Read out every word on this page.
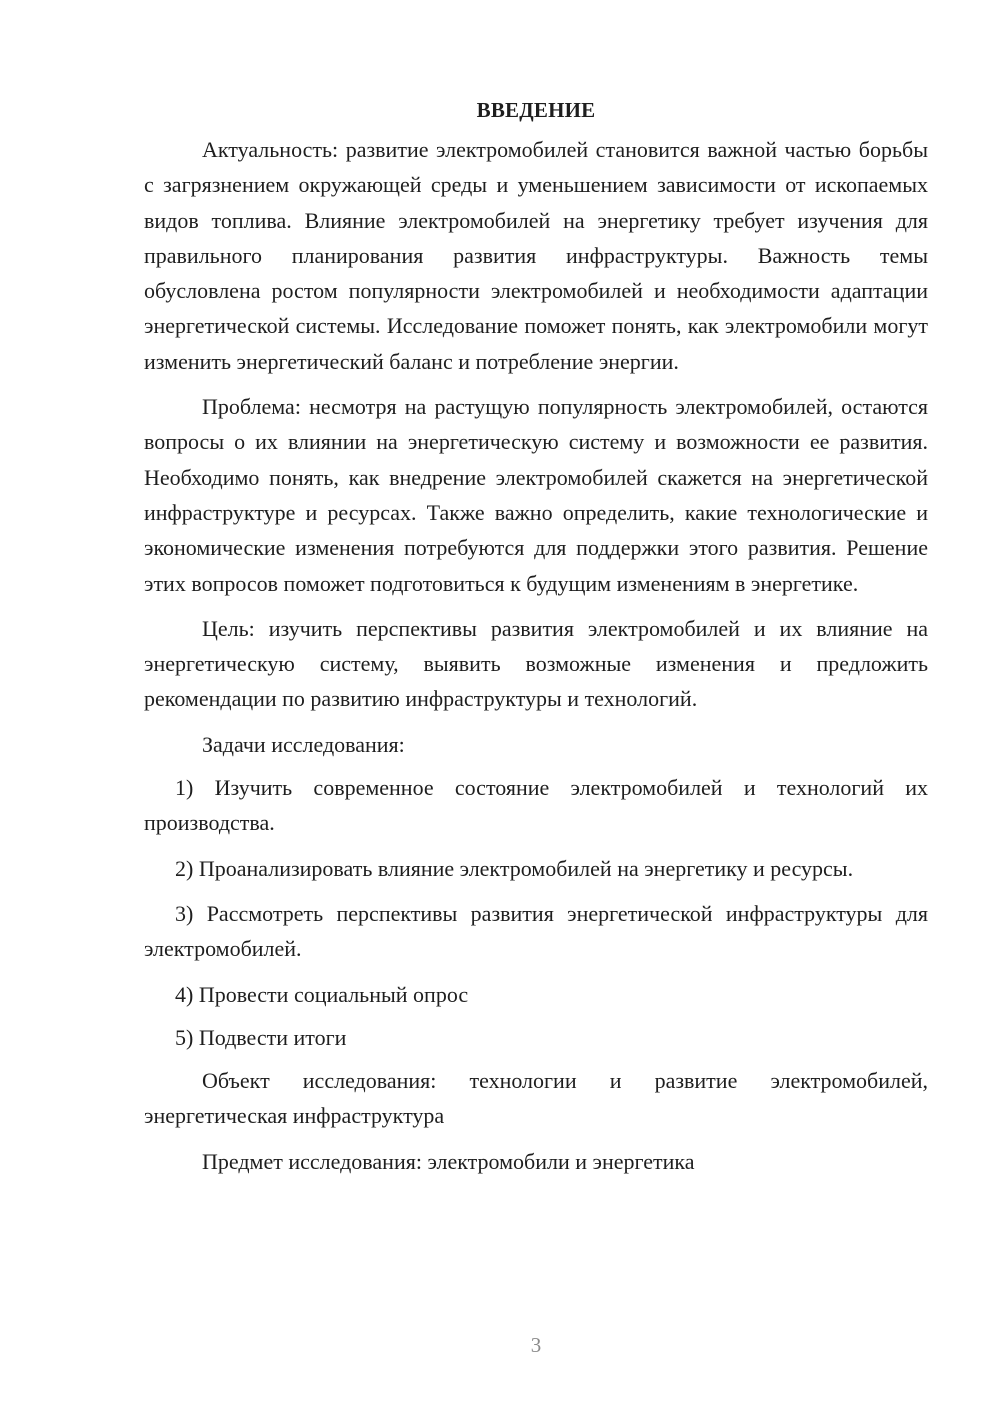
ВВЕДЕНИЕ

Актуальность: развитие электромобилей становится важной частью борьбы с загрязнением окружающей среды и уменьшением зависимости от ископаемых видов топлива. Влияние электромобилей на энергетику требует изучения для правильного планирования развития инфраструктуры. Важность темы обусловлена ростом популярности электромобилей и необходимости адаптации энергетической системы. Исследование поможет понять, как электромобили могут изменить энергетический баланс и потребление энергии.

Проблема: несмотря на растущую популярность электромобилей, остаются вопросы о их влиянии на энергетическую систему и возможности ее развития. Необходимо понять, как внедрение электромобилей скажется на энергетической инфраструктуре и ресурсах. Также важно определить, какие технологические и экономические изменения потребуются для поддержки этого развития. Решение этих вопросов поможет подготовиться к будущим изменениям в энергетике.

Цель: изучить перспективы развития электромобилей и их влияние на энергетическую систему, выявить возможные изменения и предложить рекомендации по развитию инфраструктуры и технологий.

Задачи исследования:

1) Изучить современное состояние электромобилей и технологий их производства.

2) Проанализировать влияние электромобилей на энергетику и ресурсы.

3) Рассмотреть перспективы развития энергетической инфраструктуры для электромобилей.

4) Провести социальный опрос

5) Подвести итоги

Объект исследования: технологии и развитие электромобилей, энергетическая инфраструктура

Предмет исследования: электромобили и энергетика

3
